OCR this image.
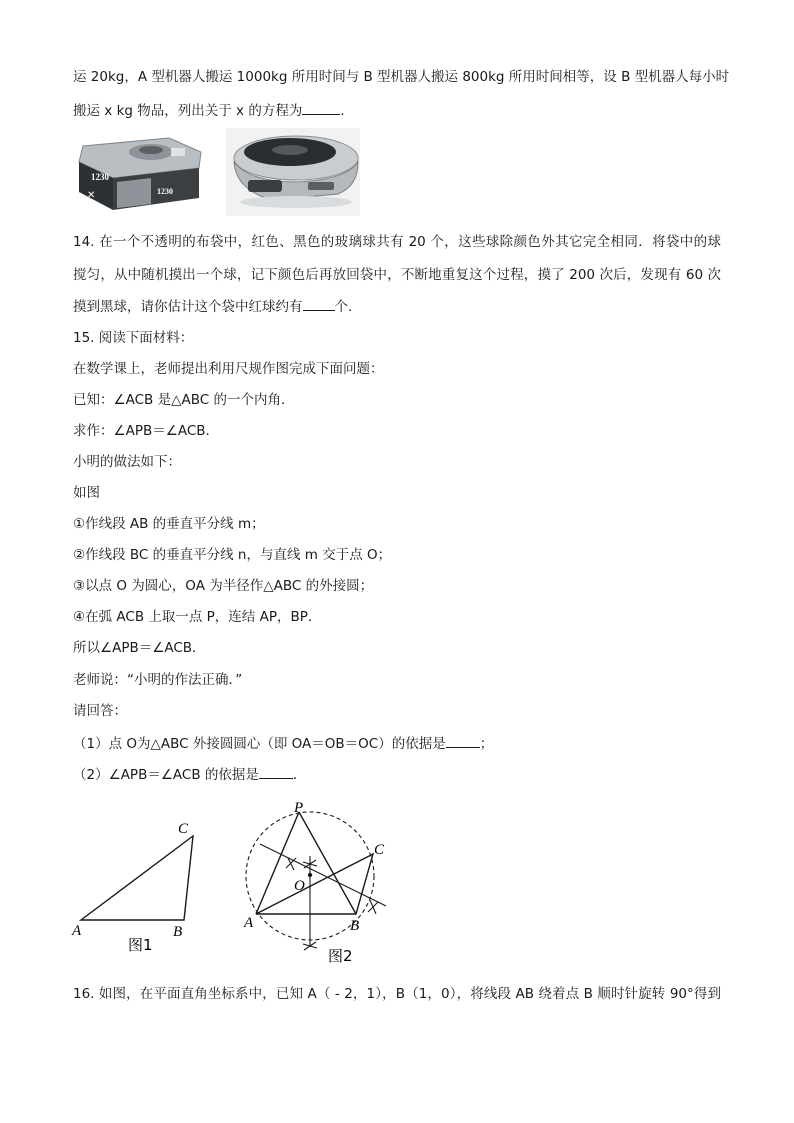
运 20kg，A 型机器人搬运 1000kg 所用时间与 B 型机器人搬运 800kg 所用时间相等，设 B 型机器人每小时
搬运 x kg 物品，列出关于 x 的方程为	.
1230
1230
✕
14. 在一个不透明的布袋中，红色、黑色的玻璃球共有 20 个，这些球除颜色外其它完全相同．将袋中的球
搅匀，从中随机摸出一个球，记下颜色后再放回袋中，不断地重复这个过程，摸了 200 次后，发现有 60 次
摸到黑球，请你估计这个袋中红球约有 个.
15. 阅读下面材料：
在数学课上，老师提出利用尺规作图完成下面问题：
已知：∠ACB 是△ABC 的一个内角．
求作：∠APB＝∠ACB．
小明的做法如下：
如图
①作线段 AB 的垂直平分线 m；
②作线段 BC 的垂直平分线 n，与直线 m 交于点 O；
③以点 O 为圆心，OA 为半径作△ABC 的外接圆；
④在弧 ACB 上取一点 P，连结 AP，BP．
所以∠APB＝∠ACB．
老师说：“小明的作法正确．”
请回答：
（1）点 O为△ABC 外接圆圆心（即 OA＝OB＝OC）的依据是	；
（2）∠APB＝∠ACB 的依据是	．
A	B
C
图1
P
O
C
A	B
图2
16. 如图，在平面直角坐标系中，已知 A（ - 2，1），B（1，0），将线段 AB 绕着点 B 顺时针旋转 90°得到
